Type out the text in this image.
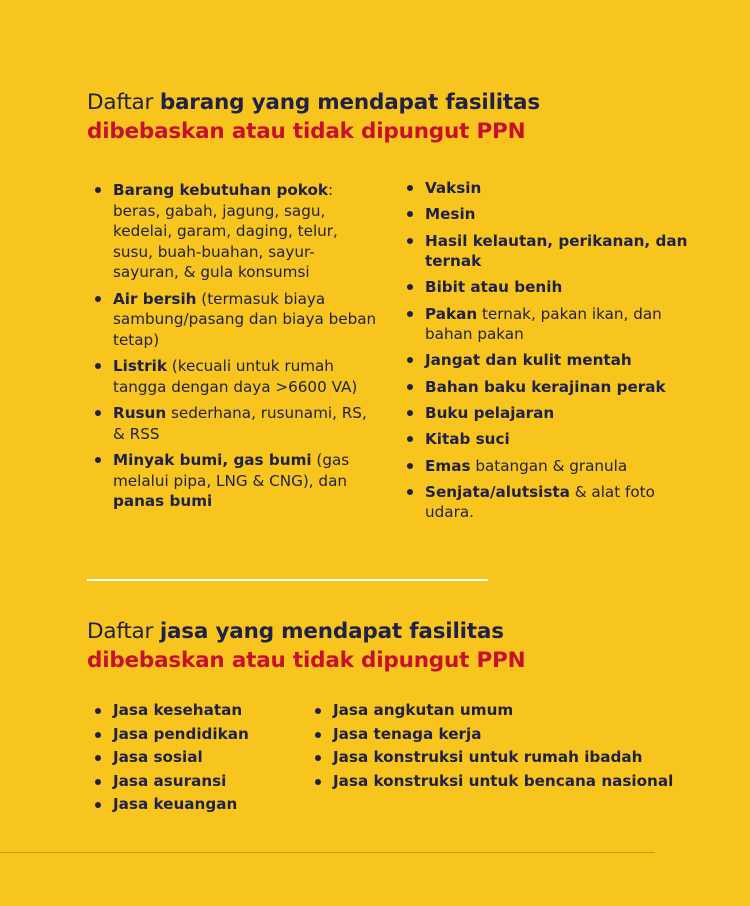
Daftar barang yang mendapat fasilitas
dibebaskan atau tidak dipungut PPN
Barang kebutuhan pokok: beras, gabah, jagung, sagu, kedelai, garam, daging, telur, susu, buah-buahan, sayur-sayuran, & gula konsumsi
Air bersih (termasuk biaya sambung/pasang dan biaya beban tetap)
Listrik (kecuali untuk rumah tangga dengan daya >6600 VA)
Rusun sederhana, rusunami, RS, & RSS
Minyak bumi, gas bumi (gas melalui pipa, LNG & CNG), dan panas bumi
Vaksin
Mesin
Hasil kelautan, perikanan, dan ternak
Bibit atau benih
Pakan ternak, pakan ikan, dan bahan pakan
Jangat dan kulit mentah
Bahan baku kerajinan perak
Buku pelajaran
Kitab suci
Emas batangan & granula
Senjata/alutsista & alat foto udara.
Daftar jasa yang mendapat fasilitas
dibebaskan atau tidak dipungut PPN
Jasa kesehatan
Jasa pendidikan
Jasa sosial
Jasa asuransi
Jasa keuangan
Jasa angkutan umum
Jasa tenaga kerja
Jasa konstruksi untuk rumah ibadah
Jasa konstruksi untuk bencana nasional
